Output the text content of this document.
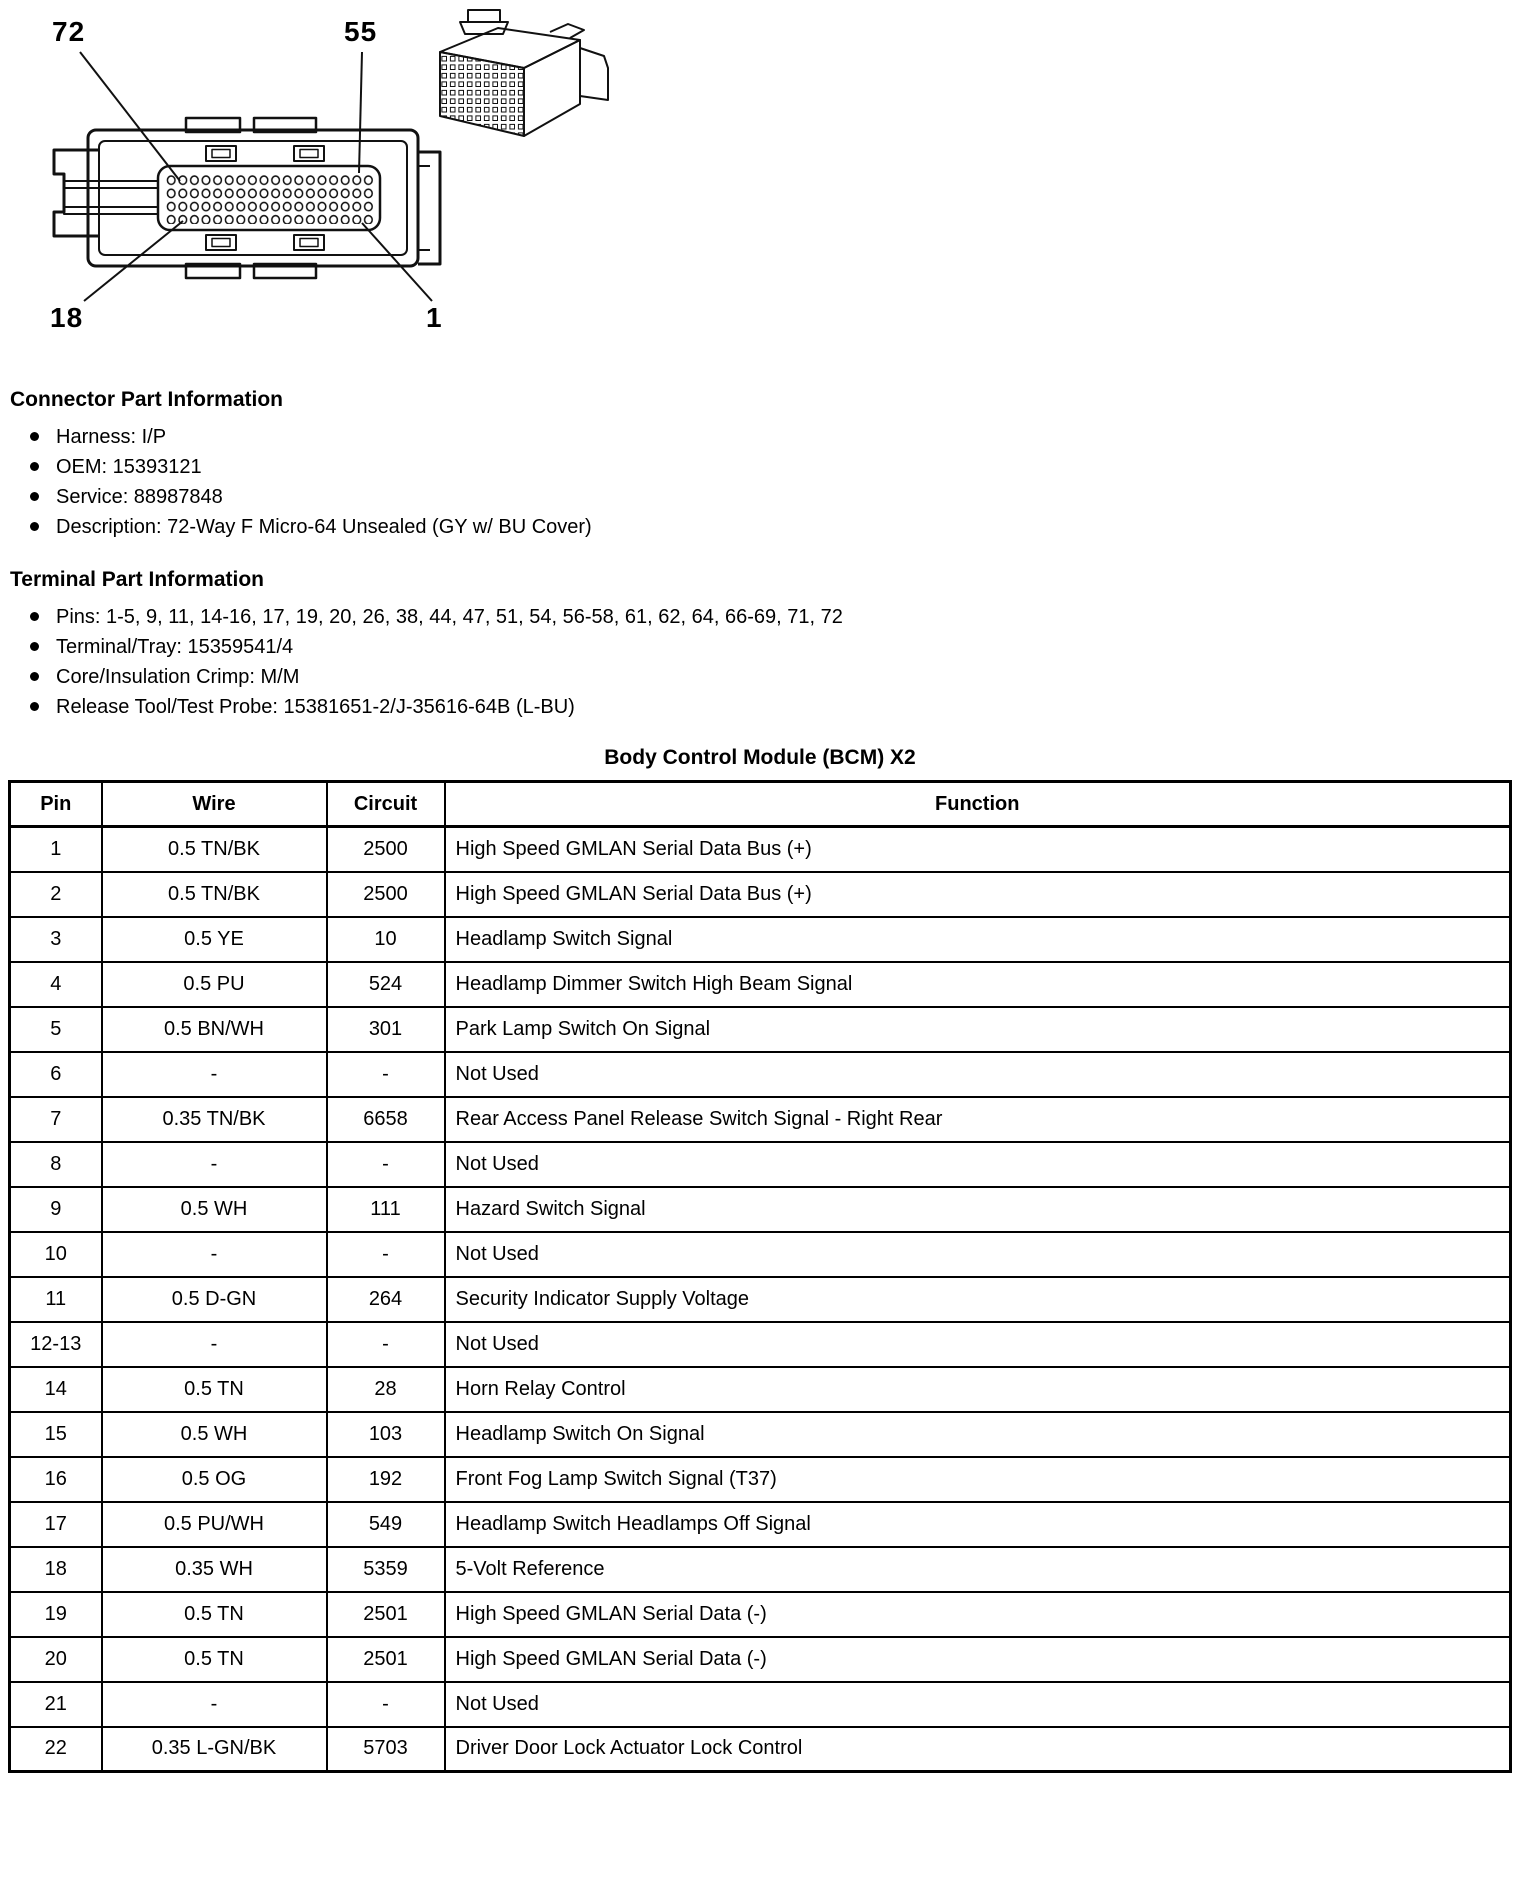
72	55
18	1
Connector Part Information
Harness: I/P
OEM: 15393121
Service: 88987848
Description: 72-Way F Micro-64 Unsealed (GY w/ BU Cover)
Terminal Part Information
Pins: 1-5, 9, 11, 14-16, 17, 19, 20, 26, 38, 44, 47, 51, 54, 56-58, 61, 62, 64, 66-69, 71, 72
Terminal/Tray: 15359541/4
Core/Insulation Crimp: M/M
Release Tool/Test Probe: 15381651-2/J-35616-64B (L-BU)
Body Control Module (BCM) X2
Pin	Wire	Circuit	Function
1	0.5 TN/BK	2500	High Speed GMLAN Serial Data Bus (+)
2	0.5 TN/BK	2500	High Speed GMLAN Serial Data Bus (+)
3	0.5 YE	10	Headlamp Switch Signal
4	0.5 PU	524	Headlamp Dimmer Switch High Beam Signal
5	0.5 BN/WH	301	Park Lamp Switch On Signal
6	-	-	Not Used
7	0.35 TN/BK	6658	Rear Access Panel Release Switch Signal - Right Rear
8	-	-	Not Used
9	0.5 WH	111	Hazard Switch Signal
10	-	-	Not Used
11	0.5 D-GN	264	Security Indicator Supply Voltage
12-13	-	-	Not Used
14	0.5 TN	28	Horn Relay Control
15	0.5 WH	103	Headlamp Switch On Signal
16	0.5 OG	192	Front Fog Lamp Switch Signal (T37)
17	0.5 PU/WH	549	Headlamp Switch Headlamps Off Signal
18	0.35 WH	5359	5-Volt Reference
19	0.5 TN	2501	High Speed GMLAN Serial Data (-)
20	0.5 TN	2501	High Speed GMLAN Serial Data (-)
21	-	-	Not Used
22	0.35 L-GN/BK	5703	Driver Door Lock Actuator Lock Control
